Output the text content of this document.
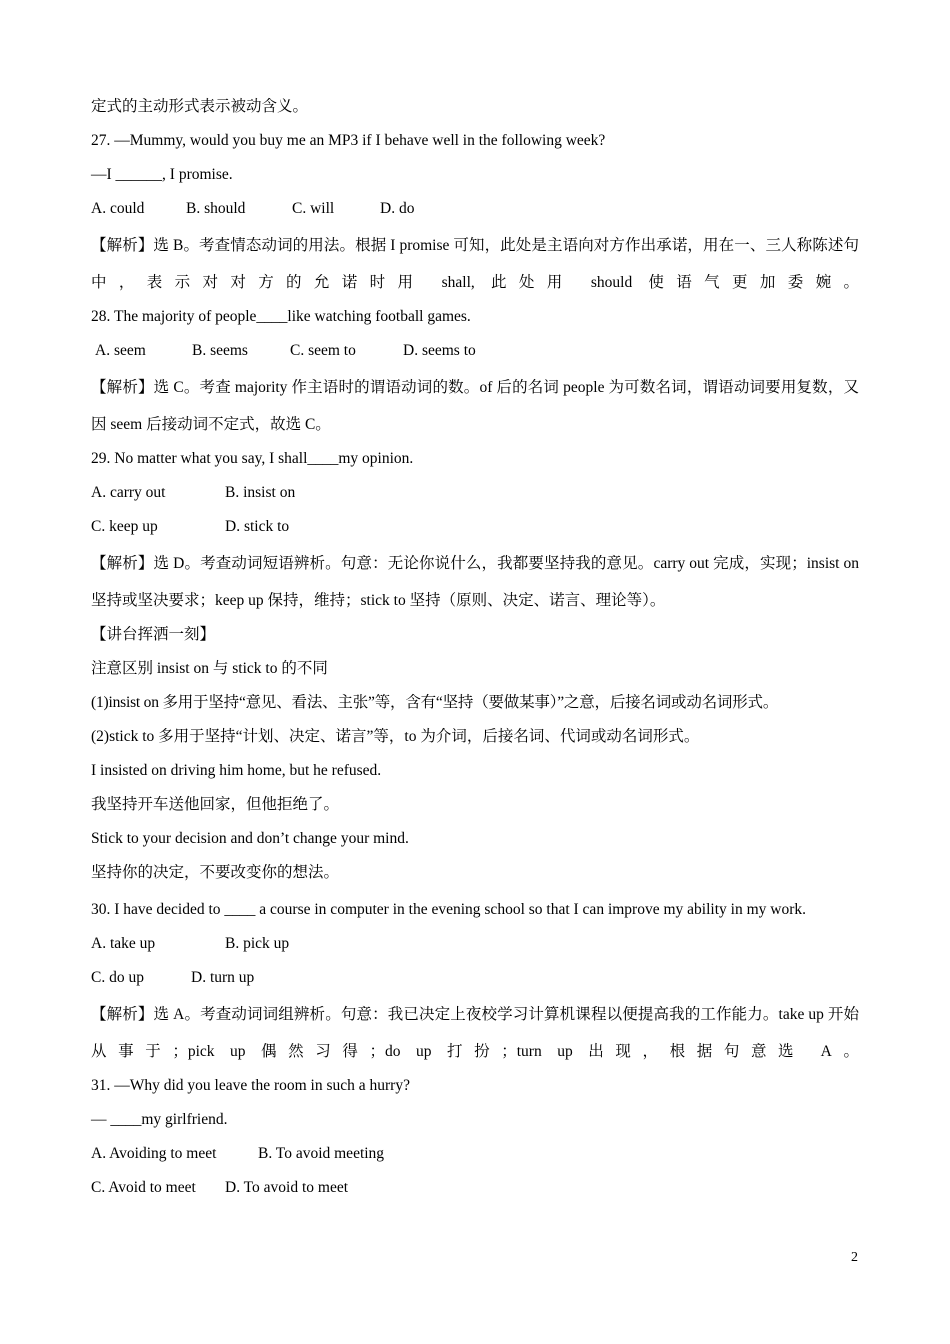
定式的主动形式表示被动含义。
27. —Mummy, would you buy me an MP3 if I behave well in the following week?
—I ______, I promise.
A. could	B. should	C. will	D. do
【解析】选 B。考查情态动词的用法。根据 I promise 可知，此处是主语向对方作出承诺，用在一、三人称陈述句中，表示对对方的允诺时用 shall, 此处用 should 使语气更加委婉。
28. The majority of people____like watching football games.
A. seem	B. seems	C. seem to	D. seems to
【解析】选 C。考查 majority 作主语时的谓语动词的数。of 后的名词 people 为可数名词，谓语动词要用复数，又因 seem 后接动词不定式，故选 C。
29. No matter what you say, I shall____my opinion.
A. carry out	B. insist on
C. keep up	D. stick to
【解析】选 D。考查动词短语辨析。句意：无论你说什么，我都要坚持我的意见。carry out 完成，实现；insist on 坚持或坚决要求；keep up 保持，维持；stick to 坚持（原则、决定、诺言、理论等）。
【讲台挥洒一刻】
注意区别 insist on 与 stick to 的不同
(1)insist on 多用于坚持“意见、看法、主张”等，含有“坚持（要做某事）”之意，后接名词或动名词形式。
(2)stick to 多用于坚持“计划、决定、诺言”等，to 为介词，后接名词、代词或动名词形式。
I insisted on driving him home, but he refused.
我坚持开车送他回家，但他拒绝了。
Stick to your decision and don’t change your mind.
坚持你的决定，不要改变你的想法。
30. I have decided to ____ a course in computer in the evening school so that I can improve my ability in my work.
A. take up	B. pick up
C. do up	D. turn up
【解析】选 A。考查动词词组辨析。句意：我已决定上夜校学习计算机课程以便提高我的工作能力。take up 开始从事于；pick up 偶然习得；do up 打扮；turn up 出现，根据句意选 A。
31. —Why did you leave the room in such a hurry?
— ____my girlfriend.
A. Avoiding to meet	B. To avoid meeting
C. Avoid to meet D. To avoid to meet
2
